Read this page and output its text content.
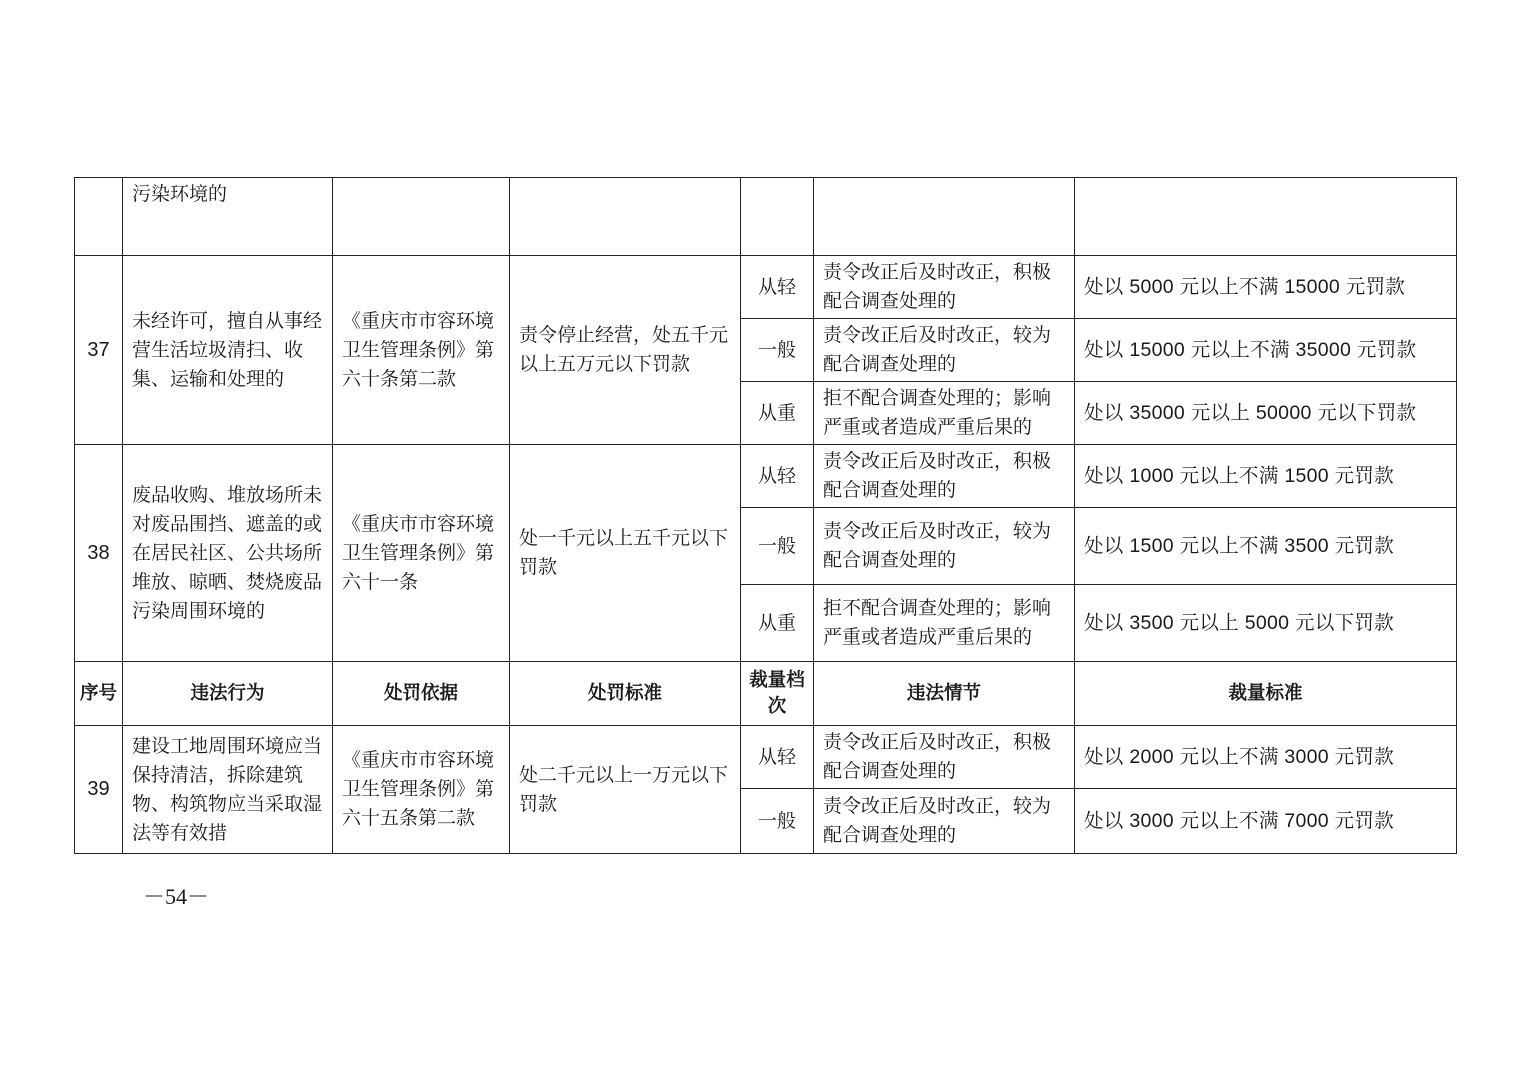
	污染环境的					
37	未经许可，擅自从事经营生活垃圾清扫、收集、运输和处理的	《重庆市市容环境卫生管理条例》第六十条第二款	责令停止经营，处五千元以上五万元以下罚款	从轻	责令改正后及时改正，积极配合调查处理的	处以 5000 元以上不满 15000 元罚款
				一般	责令改正后及时改正，较为配合调查处理的	处以 15000 元以上不满 35000 元罚款
				从重	拒不配合调查处理的；影响严重或者造成严重后果的	处以 35000 元以上 50000 元以下罚款
38	废品收购、堆放场所未对废品围挡、遮盖的或在居民社区、公共场所堆放、晾晒、焚烧废品污染周围环境的	《重庆市市容环境卫生管理条例》第六十一条	处一千元以上五千元以下罚款	从轻	责令改正后及时改正，积极配合调查处理的	处以 1000 元以上不满 1500 元罚款
				一般	责令改正后及时改正，较为配合调查处理的	处以 1500 元以上不满 3500 元罚款
				从重	拒不配合调查处理的；影响严重或者造成严重后果的	处以 3500 元以上 5000 元以下罚款
序号	违法行为	处罚依据	处罚标准	裁量档次	违法情节	裁量标准
39	建设工地周围环境应当保持清洁，拆除建筑物、构筑物应当采取湿法等有效措	《重庆市市容环境卫生管理条例》第六十五条第二款	处二千元以上一万元以下罚款	从轻	责令改正后及时改正，积极配合调查处理的	处以 2000 元以上不满 3000 元罚款
				一般	责令改正后及时改正，较为配合调查处理的	处以 3000 元以上不满 7000 元罚款
－54－
